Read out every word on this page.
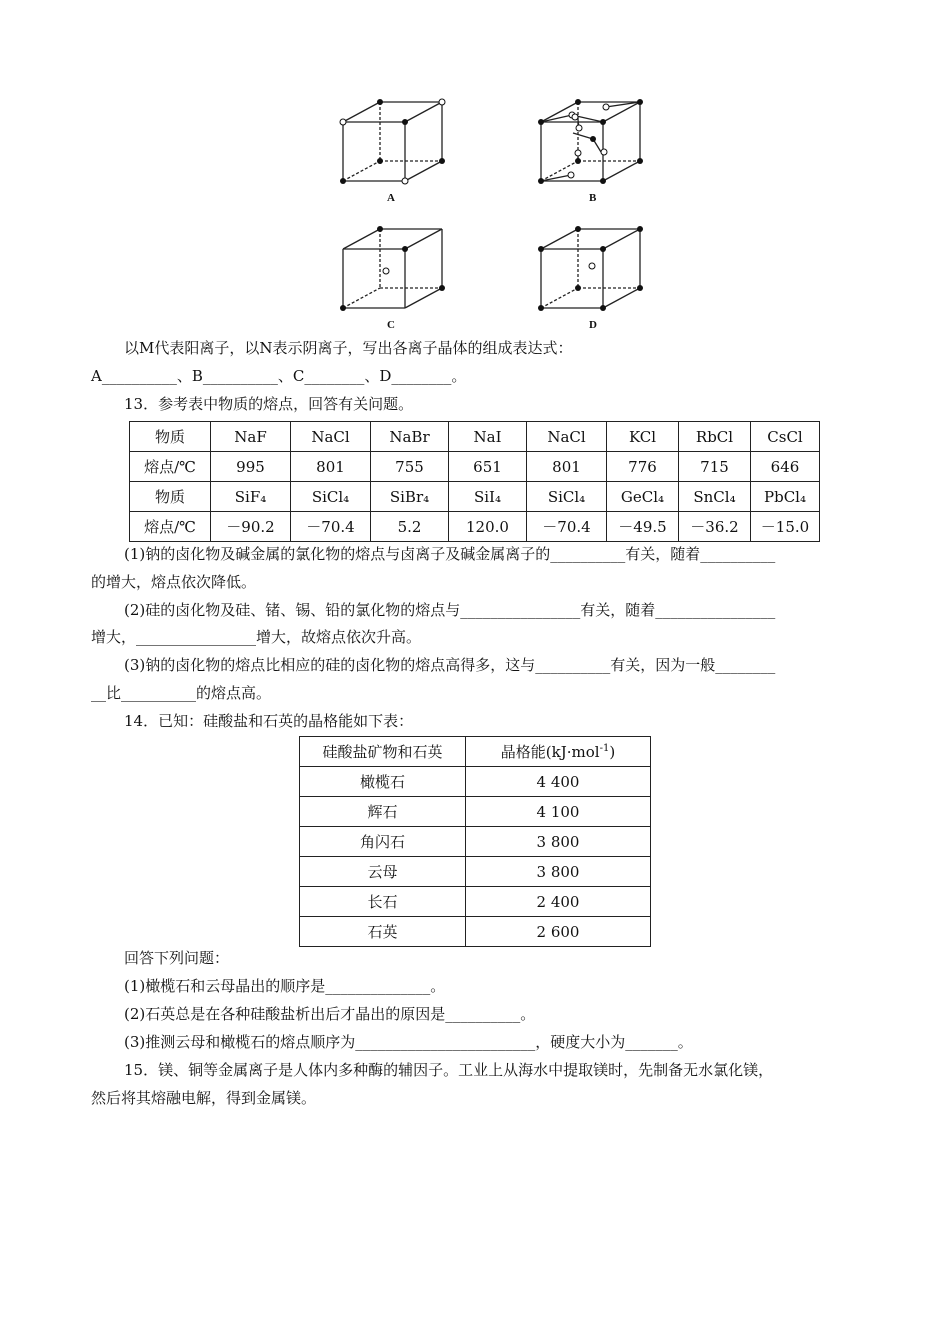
A	B
C	D
以M代表阳离子，以N表示阴离子，写出各离子晶体的组成表达式：
A__________、B__________、C________、D________。
13．参考表中物质的熔点，回答有关问题。
物质	NaF	NaCl	NaBr	NaI	NaCl	KCl	RbCl	CsCl
熔点/℃	995	801	755	651	801	776	715	646
物质	SiF₄	SiCl₄	SiBr₄	SiI₄	SiCl₄	GeCl₄	SnCl₄	PbCl₄
熔点/℃	－90.2	－70.4	5.2	120.0	－70.4	－49.5	－36.2	－15.0
(1)钠的卤化物及碱金属的氯化物的熔点与卤离子及碱金属离子的__________有关，随着__________
的增大，熔点依次降低。
(2)硅的卤化物及硅、锗、锡、铅的氯化物的熔点与________________有关，随着________________
增大，________________增大，故熔点依次升高。
(3)钠的卤化物的熔点比相应的硅的卤化物的熔点高得多，这与__________有关，因为一般________
__比__________的熔点高。
14．已知：硅酸盐和石英的晶格能如下表：
硅酸盐矿物和石英	晶格能(kJ·mol$^{-1}$)
橄榄石	4 400
辉石	4 100
角闪石	3 800
云母	3 800
长石	2 400
石英	2 600
回答下列问题：
(1)橄榄石和云母晶出的顺序是______________。
(2)石英总是在各种硅酸盐析出后才晶出的原因是__________。
(3)推测云母和橄榄石的熔点顺序为________________________，硬度大小为_______。
15．镁、铜等金属离子是人体内多种酶的辅因子。工业上从海水中提取镁时，先制备无水氯化镁，
然后将其熔融电解，得到金属镁。
